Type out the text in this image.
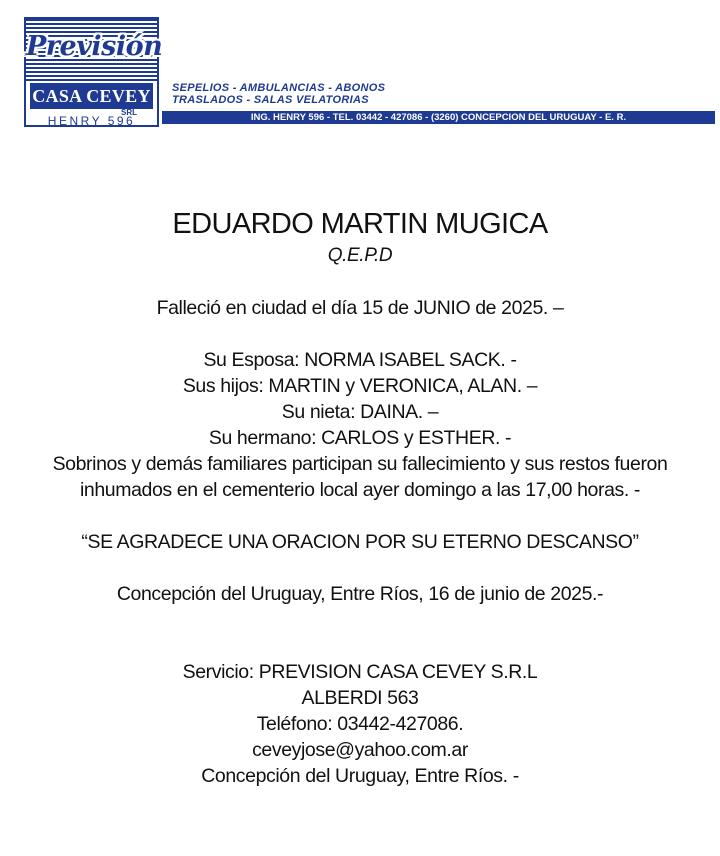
Previsión
CASA CEVEY
SRL
HENRY 596
SEPELIOS - AMBULANCIAS - ABONOS
TRASLADOS - SALAS VELATORIAS
ING. HENRY 596 - TEL. 03442 - 427086 - (3260) CONCEPCION DEL URUGUAY - E. R.
EDUARDO MARTIN MUGICA
Q.E.P.D
Falleció en ciudad el día 15 de JUNIO de 2025. –
Su Esposa: NORMA ISABEL SACK. -
Sus hijos: MARTIN y VERONICA, ALAN. –
Su nieta: DAINA. –
Su hermano: CARLOS y ESTHER. -
Sobrinos y demás familiares participan su fallecimiento y sus restos fueron inhumados en el cementerio local ayer domingo a las 17,00 horas. -
“SE AGRADECE UNA ORACION POR SU ETERNO DESCANSO”
Concepción del Uruguay, Entre Ríos, 16 de junio de 2025.-
Servicio: PREVISION CASA CEVEY S.R.L
ALBERDI 563
Teléfono: 03442-427086.
ceveyjose@yahoo.com.ar
Concepción del Uruguay, Entre Ríos. -
